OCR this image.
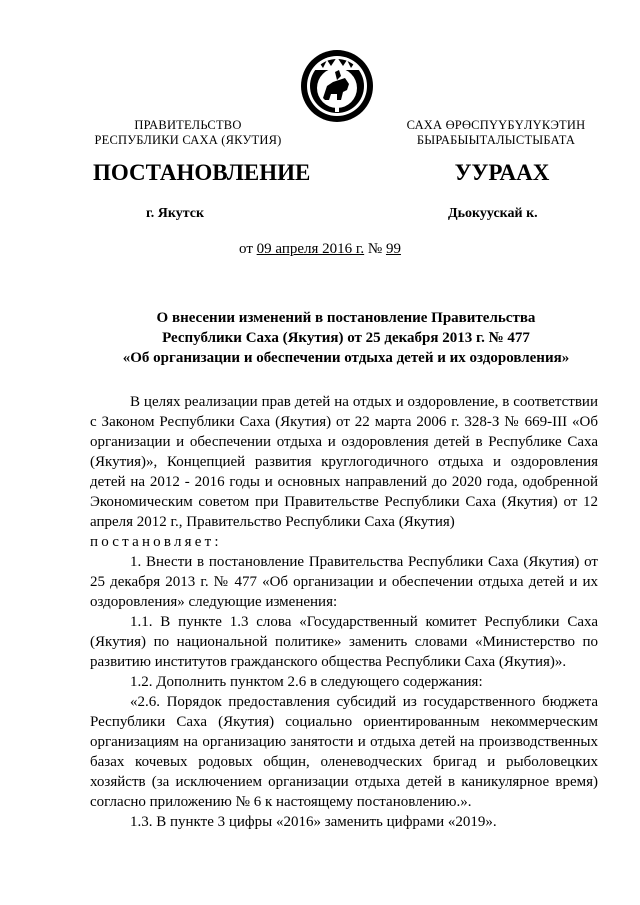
ПРАВИТЕЛЬСТВО
РЕСПУБЛИКИ САХА (ЯКУТИЯ)
САХА ӨРӨСПҮҮБҮЛҮКЭТИН
БЫРАБЫЫТАЛЫСТЫБАТА
ПОСТАНОВЛЕНИЕ	УУРААХ
г. Якутск	Дьокуускай к.
от 09 апреля 2016 г. № 99
О внесении изменений в постановление Правительства
Республики Саха (Якутия) от 25 декабря 2013 г. № 477
«Об организации и обеспечении отдыха детей и их оздоровления»

В целях реализации прав детей на отдых и оздоровление, в соответствии с Законом Республики Саха (Якутия) от 22 марта 2006 г. 328-З № 669-III «Об организации и обеспечении отдыха и оздоровления детей в Республике Саха (Якутия)», Концепцией развития круглогодичного отдыха и оздоровления детей на 2012 - 2016 годы и основных направлений до 2020 года, одобренной Экономическим советом при Правительстве Республики Саха (Якутия) от 12 апреля 2012 г., Правительство Республики Саха (Якутия)

постановляет:

1. Внести в постановление Правительства Республики Саха (Якутия) от 25 декабря 2013 г. № 477 «Об организации и обеспечении отдыха детей и их оздоровления» следующие изменения:

1.1. В пункте 1.3 слова «Государственный комитет Республики Саха (Якутия) по национальной политике» заменить словами «Министерство по развитию институтов гражданского общества Республики Саха (Якутия)».

1.2. Дополнить пунктом 2.6 в следующего содержания:

«2.6. Порядок предоставления субсидий из государственного бюджета Республики Саха (Якутия) социально ориентированным некоммерческим организациям на организацию занятости и отдыха детей на производственных базах кочевых родовых общин, оленеводческих бригад и рыболовецких хозяйств (за исключением организации отдыха детей в каникулярное время) согласно приложению № 6 к настоящему постановлению.».

1.3. В пункте 3 цифры «2016» заменить цифрами «2019».
